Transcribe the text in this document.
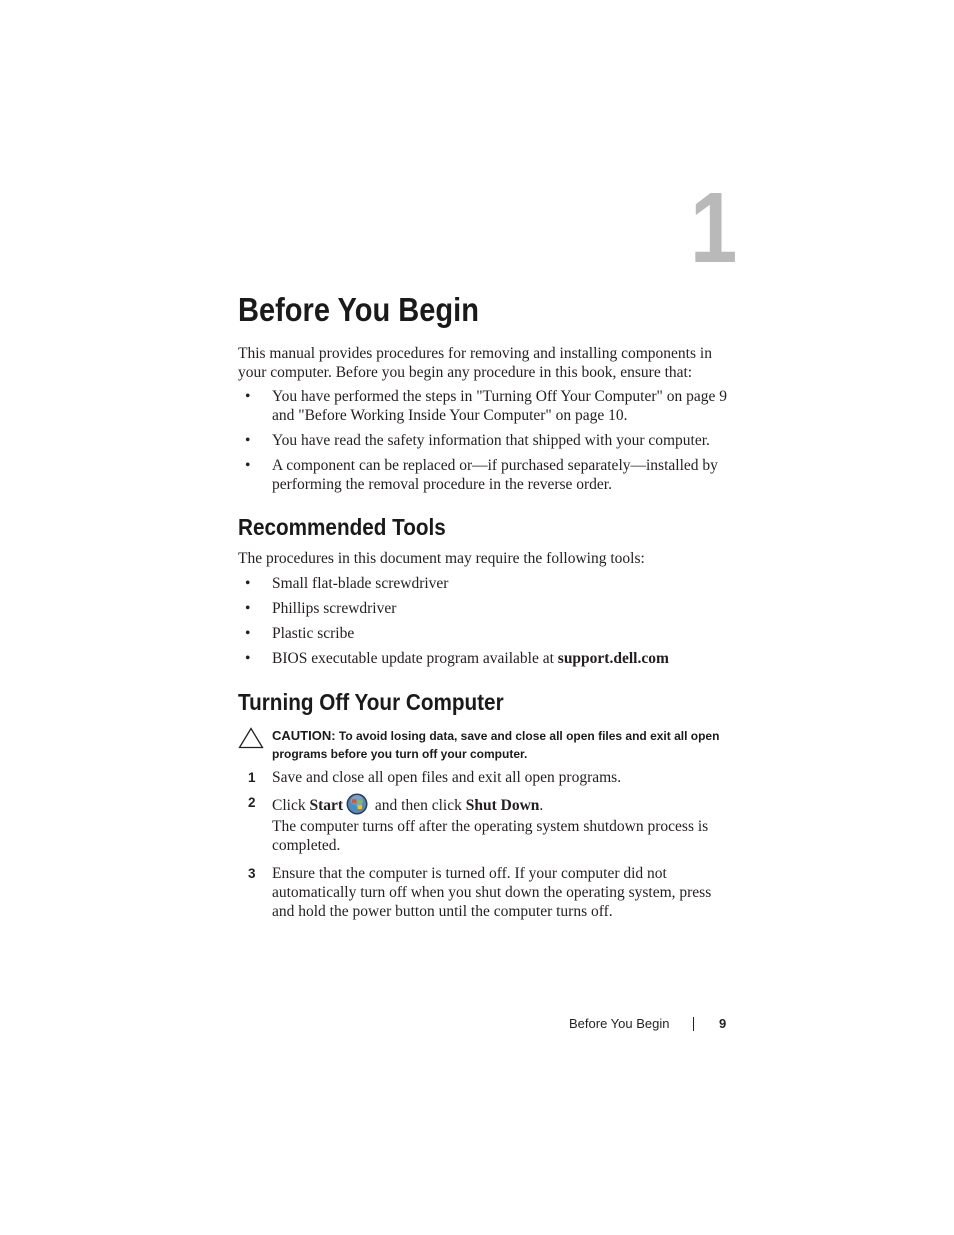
1
Before You Begin

This manual provides procedures for removing and installing components in your computer. Before you begin any procedure in this book, ensure that:

• You have performed the steps in "Turning Off Your Computer" on page 9 and "Before Working Inside Your Computer" on page 10.

• You have read the safety information that shipped with your computer.

• A component can be replaced or—if purchased separately—installed by performing the removal procedure in the reverse order.

Recommended Tools

The procedures in this document may require the following tools:

• Small flat-blade screwdriver

• Phillips screwdriver

• Plastic scribe

• BIOS executable update program available at support.dell.com

Turning Off Your Computer

CAUTION: To avoid losing data, save and close all open files and exit all open programs before you turn off your computer.

1 Save and close all open files and exit all open programs.

2 Click Start and then click Shut Down.

The computer turns off after the operating system shutdown process is completed.

3 Ensure that the computer is turned off. If your computer did not automatically turn off when you shut down the operating system, press and hold the power button until the computer turns off.

Before You Begin	9
